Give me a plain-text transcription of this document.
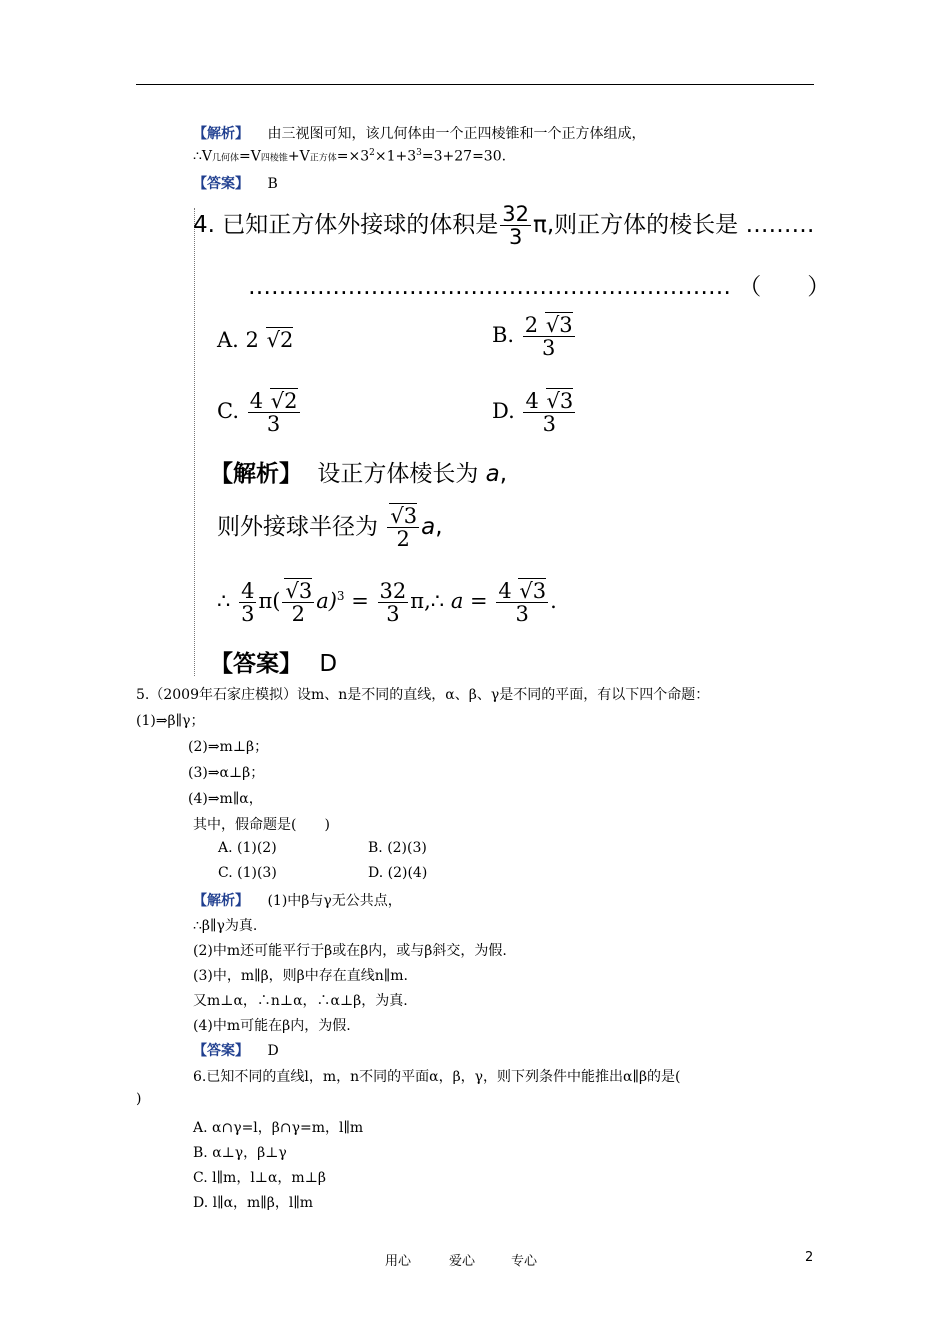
【解析】 由三视图可知，该几何体由一个正四棱锥和一个正方体组成，
∴V几何体=V四棱锥+V正方体$=\times 3^2\times 1+3^3=3+27=30$.
【答案】 B
4. 已知正方体外接球的体积是 $\frac{32}{3} \pi$,则正方体的棱长是 ………
……………………………………………………… （　　）
A. 2 √ 2	B. $\frac{2 √ 3}{3}$
C. $\frac{4 √ 2}{3}$	D. $\frac{4 √ 3}{3}$
【解析】 设正方体棱长为 a,
则外接球半径为 √ $\frac{3}{2} a$,
∴ $\frac{4}{3} \pi$( √ $\frac{3}{2} a)^3 = \frac{32}{3}$ π,∴ $a = \frac{4 √ 3}{3}$ .
【答案】 D
5.（2009年石家庄模拟）设m、n是不同的直线，α、β、γ是不同的平面，有以下四个命题：
(1)⇒β∥γ；
(2)⇒m⊥β；
(3)⇒α⊥β；
(4)⇒m∥α，
其中，假命题是(　　)
A. (1)(2)	B. (2)(3)
C. (1)(3)	D. (2)(4)
【解析】 (1)中β与γ无公共点，
∴β∥γ为真.
(2)中m还可能平行于β或在β内，或与β斜交，为假.
(3)中，m∥β，则β中存在直线n∥m.
又m⊥α，∴n⊥α，∴α⊥β，为真.
(4)中m可能在β内，为假.
【答案】 D
6.已知不同的直线l，m，n不同的平面α，β，γ，则下列条件中能推出α∥β的是(
)
A. α∩γ=l，β∩γ=m，l∥m
B. α⊥γ，β⊥γ
C. l∥m，l⊥α，m⊥β
D. l∥α，m∥β，l∥m
用心	爱心	专心	2
